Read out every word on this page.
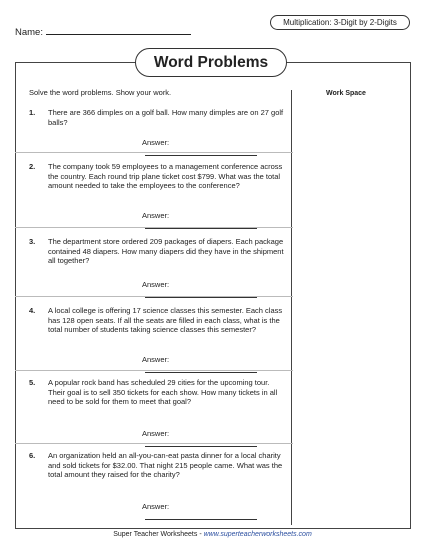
Name:
Multiplication: 3-Digit by 2-Digits
Word Problems
Work Space
Solve the word problems. Show your work.
1. There are 366 dimples on a golf ball. How many dimples are on 27 golf balls?
Answer:
2. The company took 59 employees to a management conference across the country. Each round trip plane ticket cost $799. What was the total amount needed to take the employees to the conference?
Answer:
3. The department store ordered 209 packages of diapers. Each package contained 48 diapers. How many diapers did they have in the shipment all together?
Answer:
4. A local college is offering 17 science classes this semester. Each class has 128 open seats. If all the seats are filled in each class, what is the total number of students taking science classes this semester?
Answer:
5. A popular rock band has scheduled 29 cities for the upcoming tour. Their goal is to sell 350 tickets for each show. How many tickets in all need to be sold for them to meet that goal?
Answer:
6. An organization held an all-you-can-eat pasta dinner for a local charity and sold tickets for $32.00. That night 215 people came. What was the total amount they raised for the charity?
Answer:
Super Teacher Worksheets - www.superteacherworksheets.com
